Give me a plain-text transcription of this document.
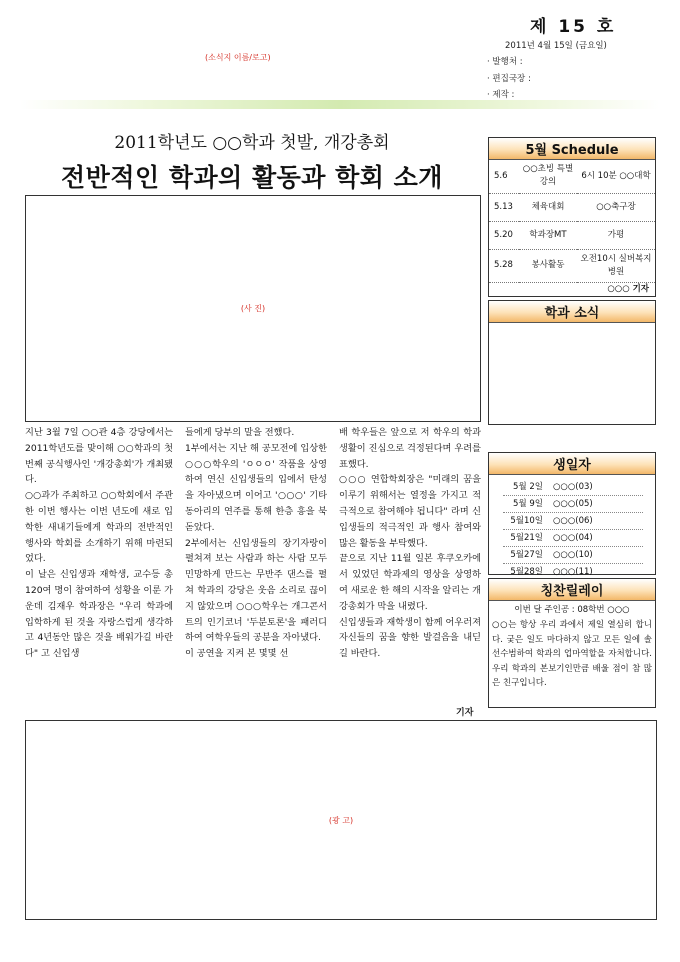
(소식지 이름/로고)
제 15 호
2011년 4월 15일 (금요일)
· 발행처 :
· 편집국장 :
· 제작 :
2011학년도 ○○학과 첫발, 개강총회
전반적인 학과의 활동과 학회 소개
(사 진)

지난 3월 7일 ○○관 4층 강당에서는 2011학년도를 맞이해 ○○학과의 첫 번째 공식행사인 '개강총회'가 개최됐다.

○○과가 주최하고 ○○학회에서 주관한 이번 행사는 이번 년도에 새로 입학한 새내기들에게 학과의 전반적인 행사와 학회를 소개하기 위해 마련되었다.

이 날은 신입생과 재학생, 교수등 총 120여 명이 참여하여 성황을 이룬 가운데 김재우 학과장은 "우리 학과에 입학하게 된 것을 자랑스럽게 생각하고 4년동안 많은 것을 배워가길 바란다" 고 신입생

들에게 당부의 말을 전했다.

1부에서는 지난 해 공모전에 입상한 ○○○학우의 'ㅇㅇㅇ' 작품을 상영하여 연신 신입생들의 입에서 탄성을 자아냈으며 이어고 '○○○' 기타동아리의 연주를 통해 한층 흥을 북돋았다.

2부에서는 신입생들의 장기자랑이 펼쳐져 보는 사람과 하는 사람 모두 민망하게 만드는 무반주 댄스를 펼쳐 학과의 강당은 웃음 소리로 끊이지 않았으며 ○○○학우는 개그콘서트의 인기코너 '두분토론'을 패러디하여 여학우들의 공분을 자아냈다.

이 공연을 지켜 본 몇몇 선

배 학우들은 앞으로 저 학우의 학과생활이 진심으로 걱정된다며 우려를 표했다.

○○○ 연합학회장은 "미래의 꿈을 이루기 위해서는 열정을 가지고 적극적으로 참여해야 됩니다" 라며 신입생들의 적극적인 과 행사 참여와 많은 활동을 부탁했다.

끝으로 지난 11월 일본 후쿠오카에서 있었던 학과제의 영상을 상영하여 새로운 한 해의 시작을 알리는 개강총회가 막을 내렸다.

신입생들과 재학생이 함께 어우러져 자신들의 꿈을 향한 발걸음을 내딛길 바란다.

기자
5월 Schedule
5.6	○○초빙 특별강의	6시 10분 ○○대학
5.13	체육대회	○○축구장
5.20	학과장MT	가평
5.28	봉사활동	오전10시 실버복지병원
○○○ 기자
학과 소식
생일자
5월 2일	○○○(03)
5월 9일	○○○(05)
5월10일	○○○(06)
5월21일	○○○(04)
5월27일	○○○(10)
5월28일	○○○(11)
칭찬릴레이
이번 달 주인공 : 08학번 ○○○
○○는 항상 우리 과에서 제일 열심히 합니다. 궂은 일도 마다하지 않고 모든 일에 솔선수범하여 학과의 업마역할을 자처합니다. 우리 학과의 본보기인만큼 배울 점이 참 많은 친구입니다.
(광 고)
